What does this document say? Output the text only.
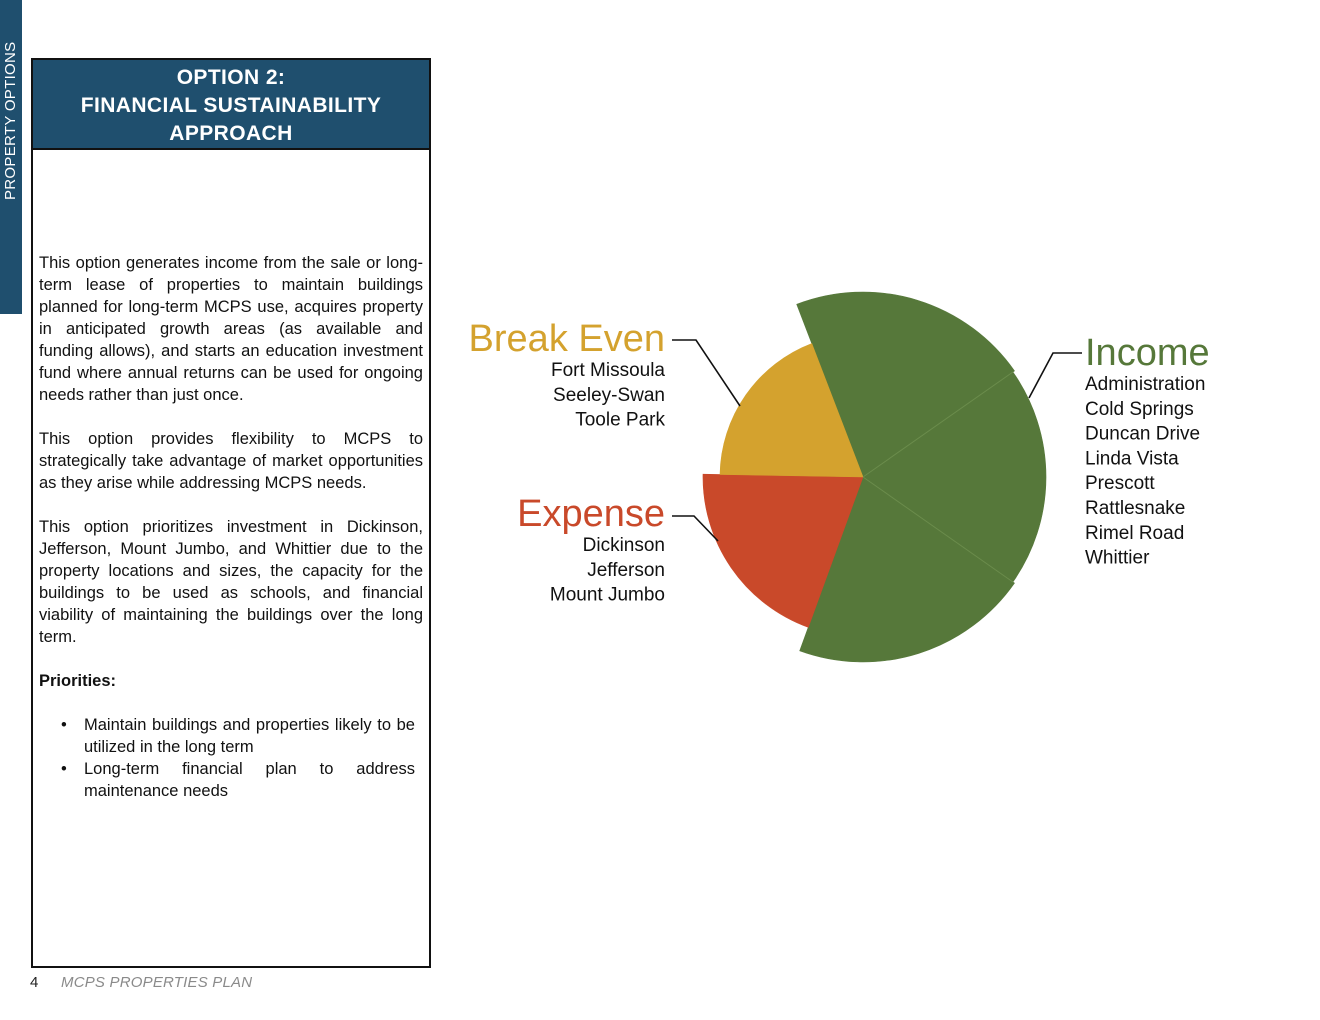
PROPERTY OPTIONS	OPTION 2:
FINANCIAL SUSTAINABILITY
APPROACH

This option generates income from the sale or long-term lease of properties to maintain buildings planned for long-term MCPS use, acquires property in anticipated growth areas (as available and funding allows), and starts an education investment fund where annual returns can be used for ongoing needs rather than just once.

This option provides flexibility to MCPS to strategically take advantage of market opportunities as they arise while addressing MCPS needs.

This option prioritizes investment in Dickinson, Jefferson, Mount Jumbo, and Whittier due to the property locations and sizes, the capacity for the buildings to be used as schools, and financial viability of maintaining the buildings over the long term.

Priorities:
• Maintain buildings and properties likely to be utilized in the long term
• Long-term financial plan to address maintenance needs
Income
Administration
Cold Springs
Duncan Drive
Linda Vista
Prescott
Rattlesnake
Rimel Road
Whittier
Break Even
Fort Missoula
Seeley-Swan
Toole Park
Expense
Dickinson
Jefferson
Mount Jumbo
4 MCPS PROPERTIES PLAN
